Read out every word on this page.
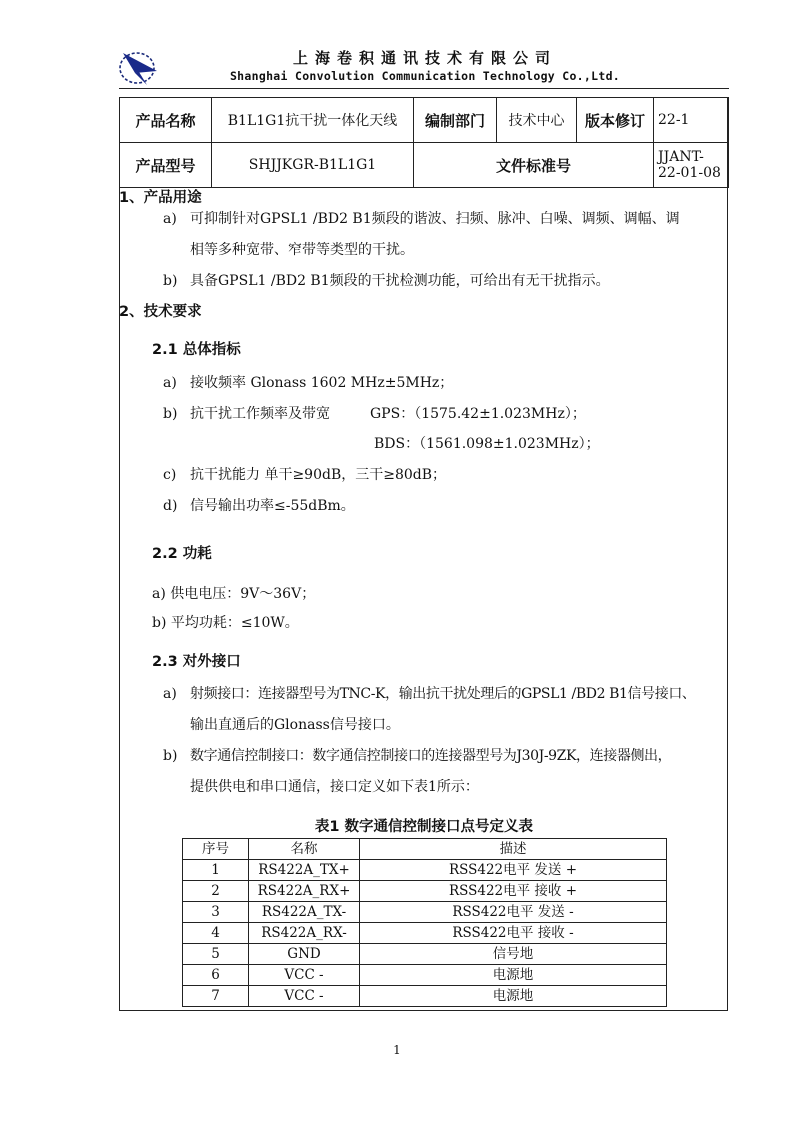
上海卷积通讯技术有限公司
Shanghai Convolution Communication Technology Co.,Ltd.
产品名称	B1L1G1抗干扰一体化天线	编制部门	技术中心	版本修订	22-1
产品型号	SHJJKGR-B1L1G1	文件标准号			JJANT-22-01-08
1、产品用途
a) 可抑制针对GPSL1 /BD2 B1频段的谐波、扫频、脉冲、白噪、调频、调幅、调
相等多种宽带、窄带等类型的干扰。
b) 具备GPSL1 /BD2 B1频段的干扰检测功能，可给出有无干扰指示。
2、技术要求
2.1 总体指标
a) 接收频率 Glonass 1602 MHz±5MHz；
b) 抗干扰工作频率及带宽	GPS：（1575.42±1.023MHz）；
BDS：（1561.098±1.023MHz）；
c) 抗干扰能力 单干≥90dB，三干≥80dB；
d) 信号输出功率≤-55dBm。
2.2 功耗
a) 供电电压：9V～36V；
b) 平均功耗：≤10W。
2.3 对外接口
a) 射频接口：连接器型号为TNC-K，输出抗干扰处理后的GPSL1 /BD2 B1信号接口、
输出直通后的Glonass信号接口。
b) 数字通信控制接口：数字通信控制接口的连接器型号为J30J-9ZK，连接器侧出，
提供供电和串口通信，接口定义如下表1所示：
表1 数字通信控制接口点号定义表
序号	名称	描述
1	RS422A_TX+	RSS422电平 发送 +
2	RS422A_RX+	RSS422电平 接收 +
3	RS422A_TX-	RSS422电平 发送 -
4	RS422A_RX-	RSS422电平 接收 -
5	GND	信号地
6	VCC -	电源地
7	VCC -	电源地
1
